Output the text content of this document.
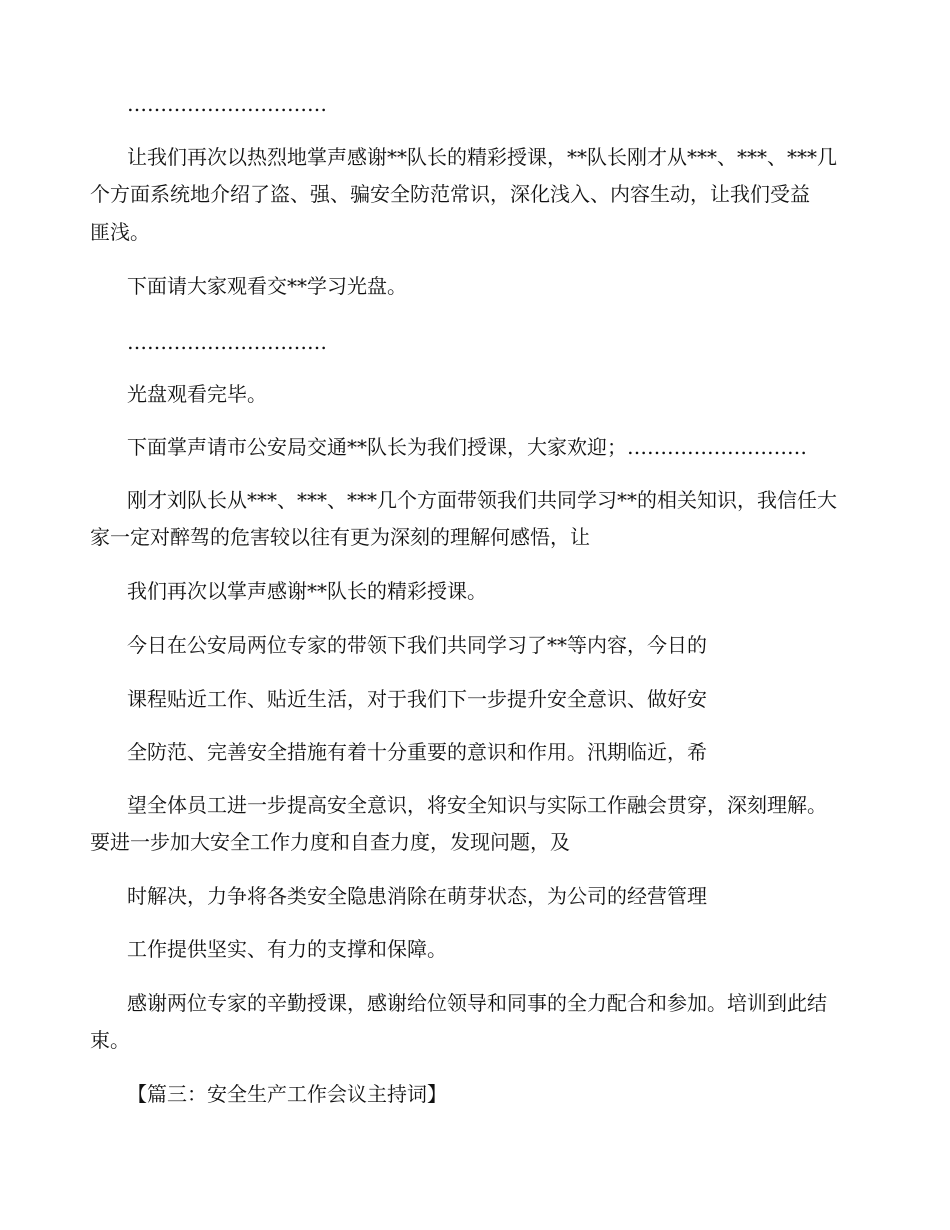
…………………………
让我们再次以热烈地掌声感谢**队长的精彩授课，**队长刚才从***、***、***几
个方面系统地介绍了盗、强、骗安全防范常识，深化浅入、内容生动，让我们受益
匪浅。
下面请大家观看交**学习光盘。
…………………………
光盘观看完毕。
下面掌声请市公安局交通**队长为我们授课，大家欢迎；………………………
刚才刘队长从***、***、***几个方面带领我们共同学习**的相关知识，我信任大
家一定对醉驾的危害较以往有更为深刻的理解何感悟，让
我们再次以掌声感谢**队长的精彩授课。
今日在公安局两位专家的带领下我们共同学习了**等内容，今日的
课程贴近工作、贴近生活，对于我们下一步提升安全意识、做好安
全防范、完善安全措施有着十分重要的意识和作用。汛期临近，希
望全体员工进一步提高安全意识，将安全知识与实际工作融会贯穿，深刻理解。
要进一步加大安全工作力度和自查力度，发现问题，及
时解决，力争将各类安全隐患消除在萌芽状态，为公司的经营管理
工作提供坚实、有力的支撑和保障。
感谢两位专家的辛勤授课，感谢给位领导和同事的全力配合和参加。培训到此结
束。
【篇三：安全生产工作会议主持词】
